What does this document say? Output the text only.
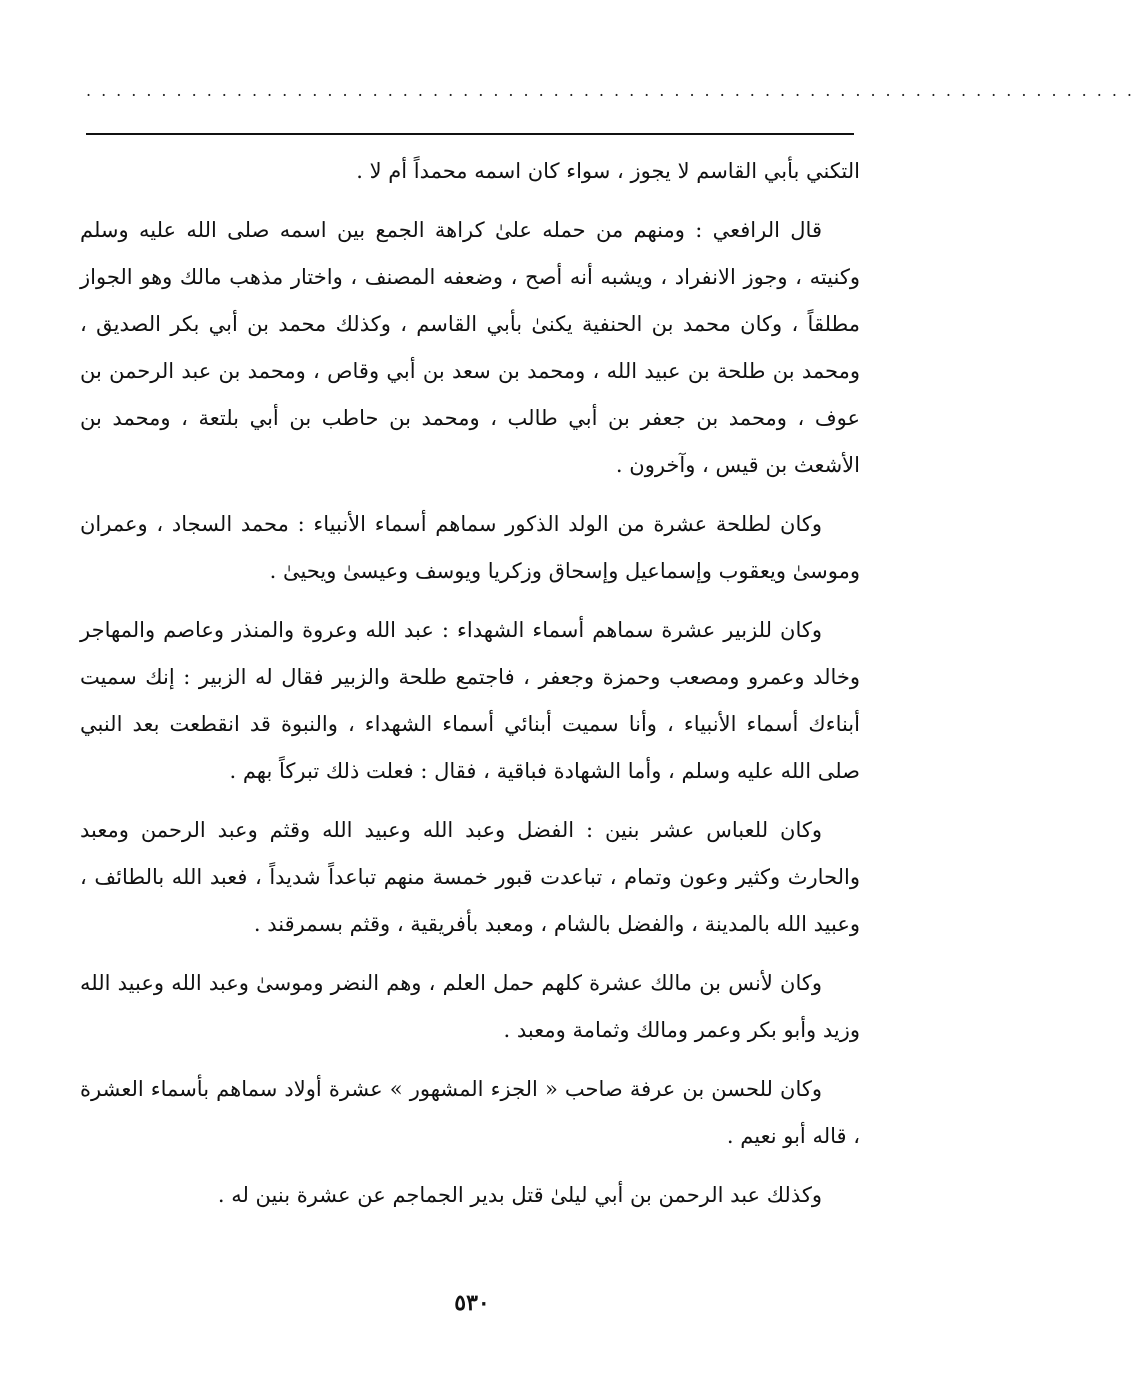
......................................................................

التكني بأبي القاسم لا يجوز ، سواء كان اسمه محمداً أم لا .

قال الرافعي : ومنهم من حمله علىٰ كراهة الجمع بين اسمه صلى الله عليه وسلم وكنيته ، وجوز الانفراد ، ويشبه أنه أصح ، وضعفه المصنف ، واختار مذهب مالك وهو الجواز مطلقاً ، وكان محمد بن الحنفية يكنىٰ بأبي القاسم ، وكذلك محمد بن أبي بكر الصديق ، ومحمد بن طلحة بن عبيد الله ، ومحمد بن سعد بن أبي وقاص ، ومحمد بن عبد الرحمن بن عوف ، ومحمد بن جعفر بن أبي طالب ، ومحمد بن حاطب بن أبي بلتعة ، ومحمد بن الأشعث بن قيس ، وآخرون .

وكان لطلحة عشرة من الولد الذكور سماهم أسماء الأنبياء : محمد السجاد ، وعمران وموسىٰ ويعقوب وإسماعيل وإسحاق وزكريا ويوسف وعيسىٰ ويحيىٰ .

وكان للزبير عشرة سماهم أسماء الشهداء : عبد الله وعروة والمنذر وعاصم والمهاجر وخالد وعمرو ومصعب وحمزة وجعفر ، فاجتمع طلحة والزبير فقال له الزبير : إنك سميت أبناءك أسماء الأنبياء ، وأنا سميت أبنائي أسماء الشهداء ، والنبوة قد انقطعت بعد النبي صلى الله عليه وسلم ، وأما الشهادة فباقية ، فقال : فعلت ذلك تبركاً بهم .

وكان للعباس عشر بنين : الفضل وعبد الله وعبيد الله وقثم وعبد الرحمن ومعبد والحارث وكثير وعون وتمام ، تباعدت قبور خمسة منهم تباعداً شديداً ، فعبد الله بالطائف ، وعبيد الله بالمدينة ، والفضل بالشام ، ومعبد بأفريقية ، وقثم بسمرقند .

وكان لأنس بن مالك عشرة كلهم حمل العلم ، وهم النضر وموسىٰ وعبد الله وعبيد الله وزيد وأبو بكر وعمر ومالك وثمامة ومعبد .

وكان للحسن بن عرفة صاحب « الجزء المشهور » عشرة أولاد سماهم بأسماء العشرة ، قاله أبو نعيم .

وكذلك عبد الرحمن بن أبي ليلىٰ قتل بدير الجماجم عن عشرة بنين له .

٥٣٠
